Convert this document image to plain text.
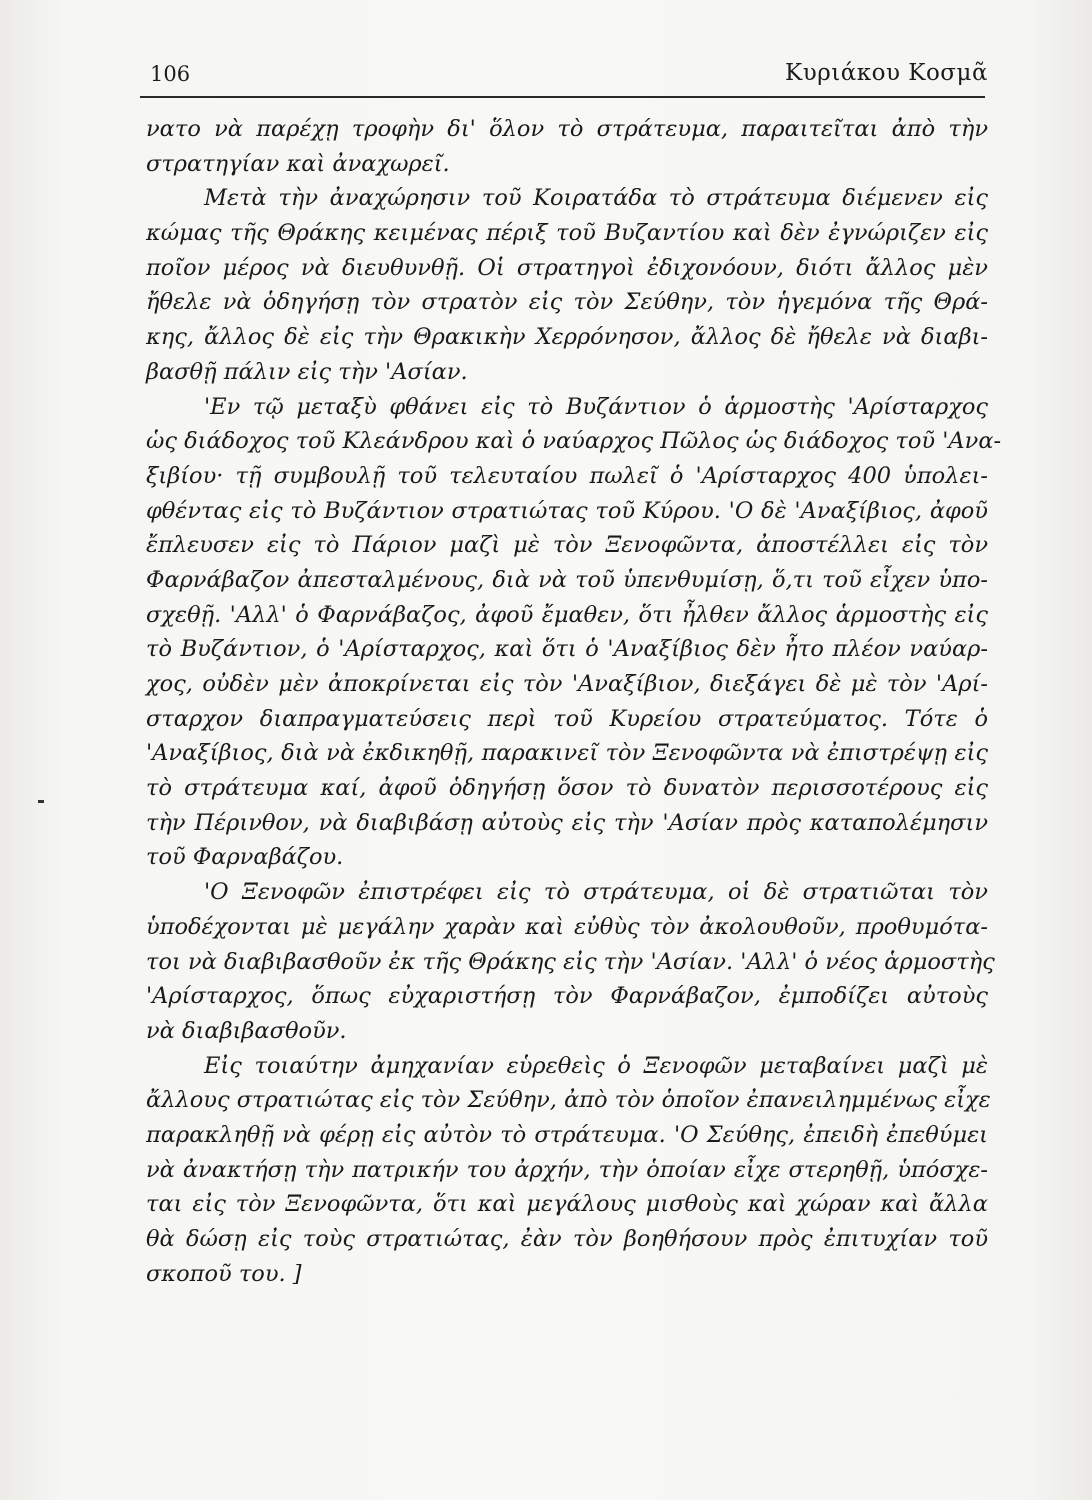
106	Κυριάκου Κοσμᾶ
νατο νὰ παρέχῃ τροφὴν δι' ὅλον τὸ στράτευμα, παραιτεῖται ἀπὸ τὴν
στρατηγίαν καὶ ἀναχωρεῖ.
Μετὰ τὴν ἀναχώρησιν τοῦ Κοιρατάδα τὸ στράτευμα διέμενεν εἰς
κώμας τῆς Θράκης κειμένας πέριξ τοῦ Βυζαντίου καὶ δὲν ἐγνώριζεν εἰς
ποῖον μέρος νὰ διευθυνθῇ. Οἱ στρατηγοὶ ἐδιχονόουν, διότι ἄλλος μὲν
ἤθελε νὰ ὁδηγήσῃ τὸν στρατὸν εἰς τὸν Σεύθην, τὸν ἡγεμόνα τῆς Θρά-
κης, ἄλλος δὲ εἰς τὴν Θρακικὴν Χερρόνησον, ἄλλος δὲ ἤθελε νὰ διαβι-
βασθῇ πάλιν εἰς τὴν 'Ασίαν.
'Εν τῷ μεταξὺ φθάνει εἰς τὸ Βυζάντιον ὁ ἁρμοστὴς 'Αρίσταρχος
ὡς διάδοχος τοῦ Κλεάνδρου καὶ ὁ ναύαρχος Πῶλος ὡς διάδοχος τοῦ 'Ανα-
ξιβίου· τῇ συμβουλῇ τοῦ τελευταίου πωλεῖ ὁ 'Αρίσταρχος 400 ὑπολει-
φθέντας εἰς τὸ Βυζάντιον στρατιώτας τοῦ Κύρου. 'Ο δὲ 'Αναξίβιος, ἀφοῦ
ἔπλευσεν εἰς τὸ Πάριον μαζὶ μὲ τὸν Ξενοφῶντα, ἀποστέλλει εἰς τὸν
Φαρνάβαζον ἀπεσταλμένους, διὰ νὰ τοῦ ὑπενθυμίσῃ, ὅ,τι τοῦ εἶχεν ὑπο-
σχεθῇ. 'Αλλ' ὁ Φαρνάβαζος, ἀφοῦ ἔμαθεν, ὅτι ἦλθεν ἄλλος ἁρμοστὴς εἰς
τὸ Βυζάντιον, ὁ 'Αρίσταρχος, καὶ ὅτι ὁ 'Αναξίβιος δὲν ἦτο πλέον ναύαρ-
χος, οὐδὲν μὲν ἀποκρίνεται εἰς τὸν 'Αναξίβιον, διεξάγει δὲ μὲ τὸν 'Αρί-
σταρχον διαπραγματεύσεις περὶ τοῦ Κυρείου στρατεύματος. Τότε ὁ
'Αναξίβιος, διὰ νὰ ἐκδικηθῇ, παρακινεῖ τὸν Ξενοφῶντα νὰ ἐπιστρέψῃ εἰς
τὸ στράτευμα καί, ἀφοῦ ὁδηγήσῃ ὅσον τὸ δυνατὸν περισσοτέρους εἰς
τὴν Πέρινθον, νὰ διαβιβάσῃ αὐτοὺς εἰς τὴν 'Ασίαν πρὸς καταπολέμησιν
τοῦ Φαρναβάζου.
'Ο Ξενοφῶν ἐπιστρέφει εἰς τὸ στράτευμα, οἱ δὲ στρατιῶται τὸν
ὑποδέχονται μὲ μεγάλην χαρὰν καὶ εὐθὺς τὸν ἀκολουθοῦν, προθυμότα-
τοι νὰ διαβιβασθοῦν ἐκ τῆς Θράκης εἰς τὴν 'Ασίαν. 'Αλλ' ὁ νέος ἁρμοστὴς
'Αρίσταρχος, ὅπως εὐχαριστήσῃ τὸν Φαρνάβαζον, ἐμποδίζει αὐτοὺς
νὰ διαβιβασθοῦν.
Εἰς τοιαύτην ἀμηχανίαν εὑρεθεὶς ὁ Ξενοφῶν μεταβαίνει μαζὶ μὲ
ἄλλους στρατιώτας εἰς τὸν Σεύθην, ἀπὸ τὸν ὁποῖον ἐπανειλημμένως εἶχε
παρακληθῇ νὰ φέρῃ εἰς αὐτὸν τὸ στράτευμα. 'Ο Σεύθης, ἐπειδὴ ἐπεθύμει
νὰ ἀνακτήσῃ τὴν πατρικήν του ἀρχήν, τὴν ὁποίαν εἶχε στερηθῇ, ὑπόσχε-
ται εἰς τὸν Ξενοφῶντα, ὅτι καὶ μεγάλους μισθοὺς καὶ χώραν καὶ ἄλλα
θὰ δώσῃ εἰς τοὺς στρατιώτας, ἐὰν τὸν βοηθήσουν πρὸς ἐπιτυχίαν τοῦ
σκοποῦ του. ]
